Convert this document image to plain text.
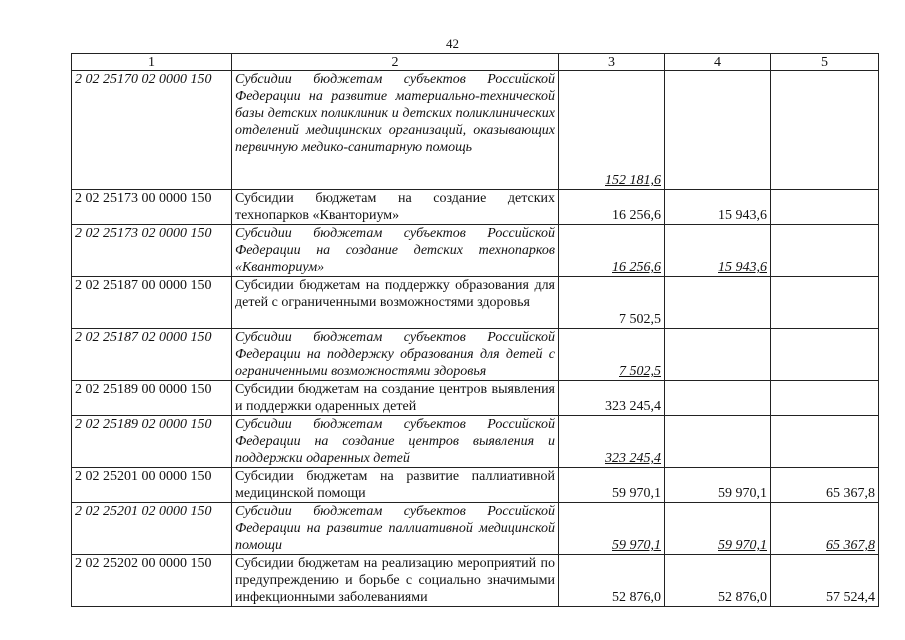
42
1	2	3	4	5
2 02 25170 02 0000 150	Субсидии бюджетам субъектов Российской Федерации на развитие материально-технической базы детских поликлиник и детских поликлинических отделений медицинских организаций, оказывающих первичную медико-санитарную помощь	152 181,6		
2 02 25173 00 0000 150	Субсидии бюджетам на создание детских технопарков «Кванториум»	16 256,6	15 943,6	
2 02 25173 02 0000 150	Субсидии бюджетам субъектов Российской Федерации на создание детских технопарков «Кванториум»	16 256,6	15 943,6	
2 02 25187 00 0000 150	Субсидии бюджетам на поддержку образования для детей с ограниченными возможностями здоровья	7 502,5		
2 02 25187 02 0000 150	Субсидии бюджетам субъектов Российской Федерации на поддержку образования для детей с ограниченными возможностями здоровья	7 502,5		
2 02 25189 00 0000 150	Субсидии бюджетам на создание центров выявления и поддержки одаренных детей	323 245,4		
2 02 25189 02 0000 150	Субсидии бюджетам субъектов Российской Федерации на создание центров выявления и поддержки одаренных детей	323 245,4		
2 02 25201 00 0000 150	Субсидии бюджетам на развитие паллиативной медицинской помощи	59 970,1	59 970,1	65 367,8
2 02 25201 02 0000 150	Субсидии бюджетам субъектов Российской Федерации на развитие паллиативной медицинской помощи	59 970,1	59 970,1	65 367,8
2 02 25202 00 0000 150	Субсидии бюджетам на реализацию мероприятий по предупреждению и борьбе с социально значимыми инфекционными заболеваниями	52 876,0	52 876,0	57 524,4
